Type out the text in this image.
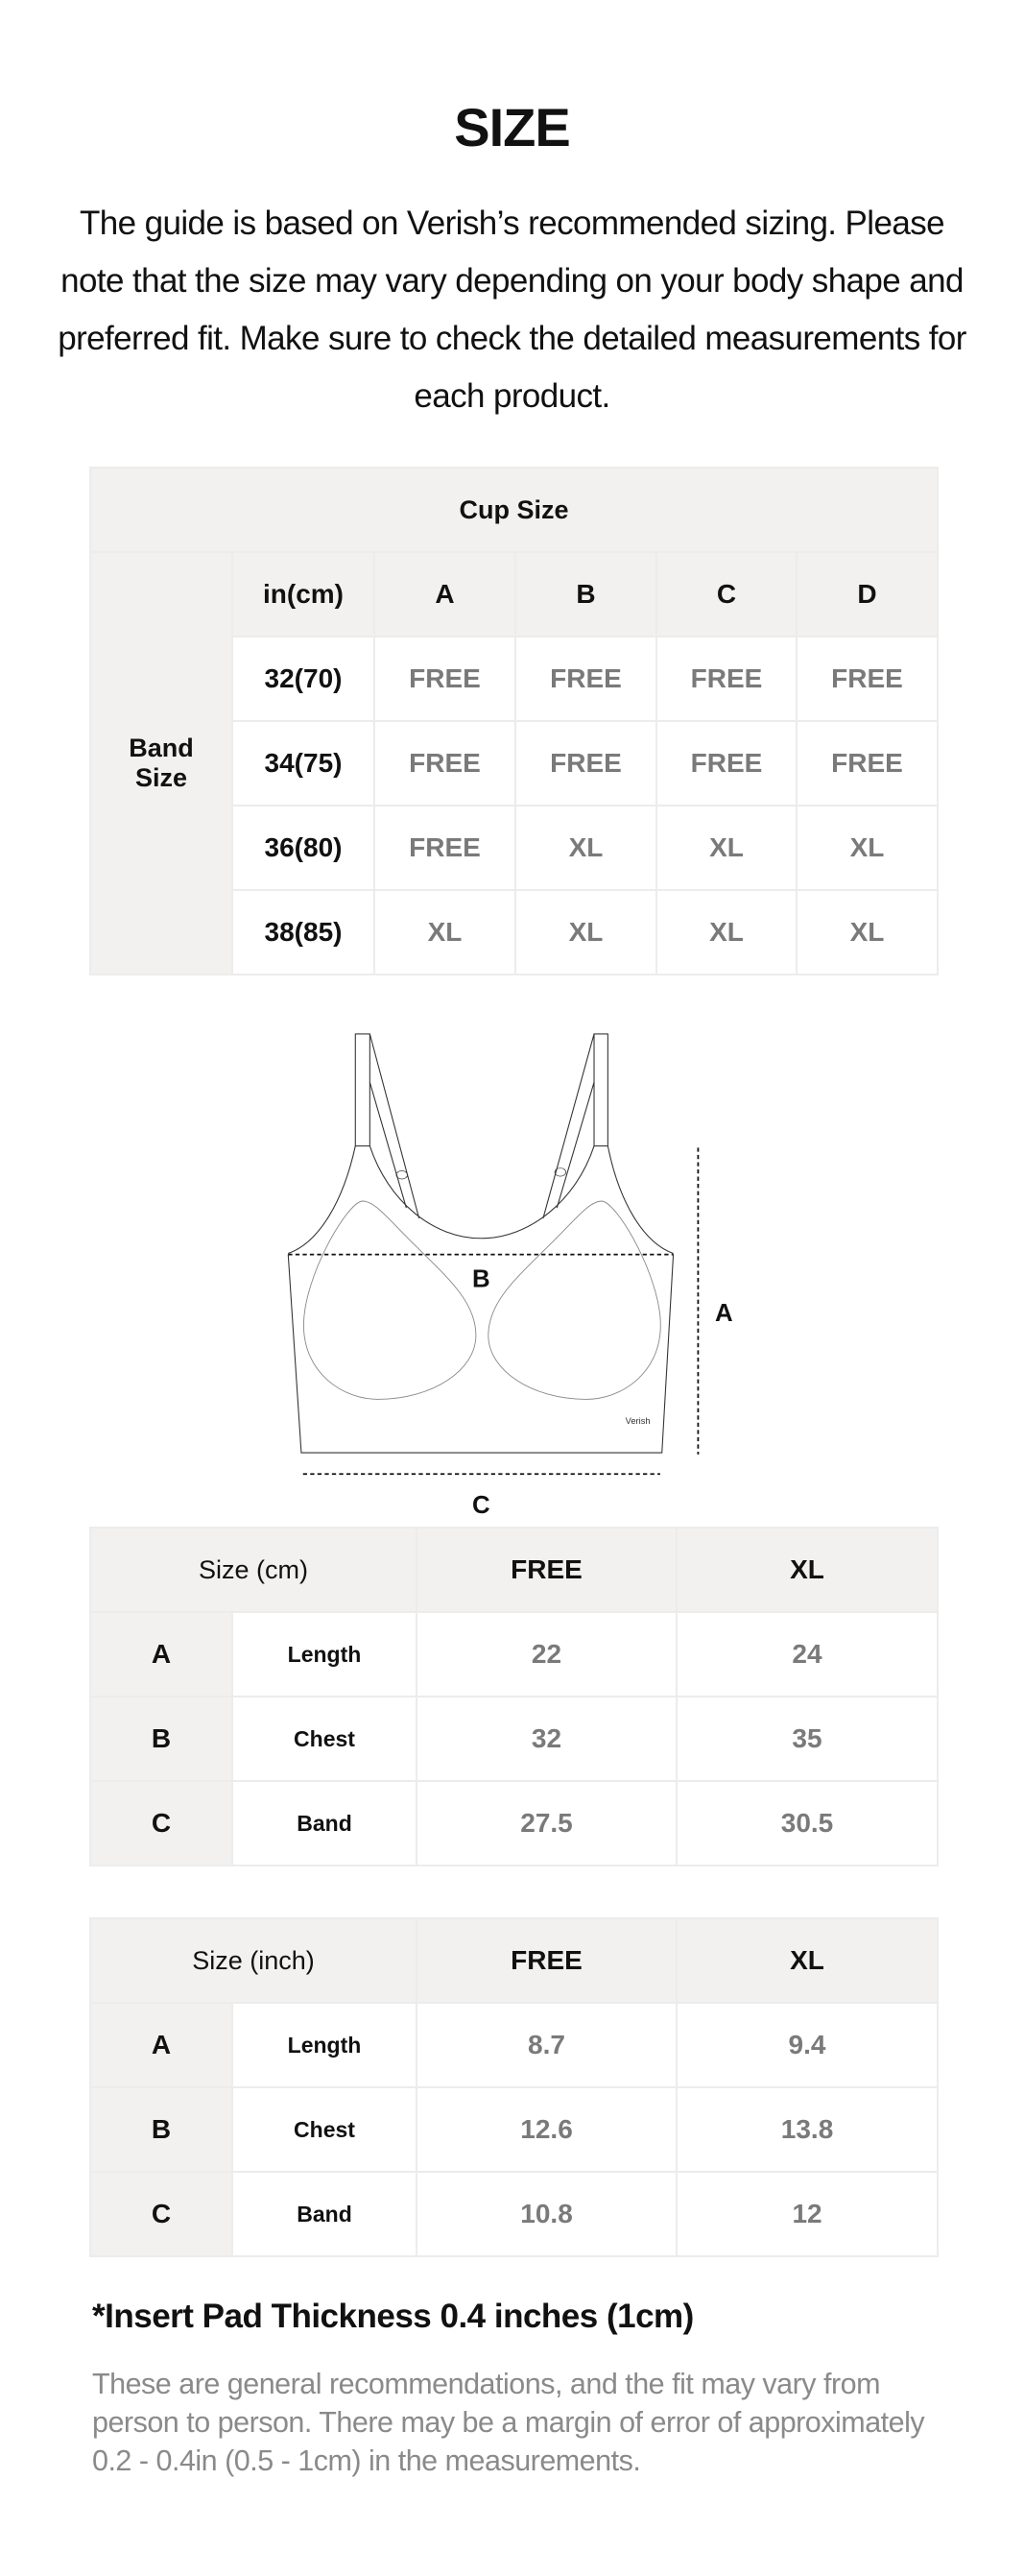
SIZE
The guide is based on Verish’s recommended sizing. Please note that the size may vary depending on your body shape and preferred fit. Make sure to check the detailed measurements for each product.
Cup Size					
Band Size	in(cm)	A	B	C	D
	32(70)	FREE	FREE	FREE	FREE
	34(75)	FREE	FREE	FREE	FREE
	36(80)	FREE	XL	XL	XL
	38(85)	XL	XL	XL	XL
B
A
C
Verish
Size (cm)		FREE	XL
A	Length	22	24
B	Chest	32	35
C	Band	27.5	30.5
Size (inch)		FREE	XL
A	Length	8.7	9.4
B	Chest	12.6	13.8
C	Band	10.8	12
*Insert Pad Thickness 0.4 inches (1cm)
These are general recommendations, and the fit may vary from person to person. There may be a margin of error of approximately 0.2 - 0.4in (0.5 - 1cm) in the measurements.
